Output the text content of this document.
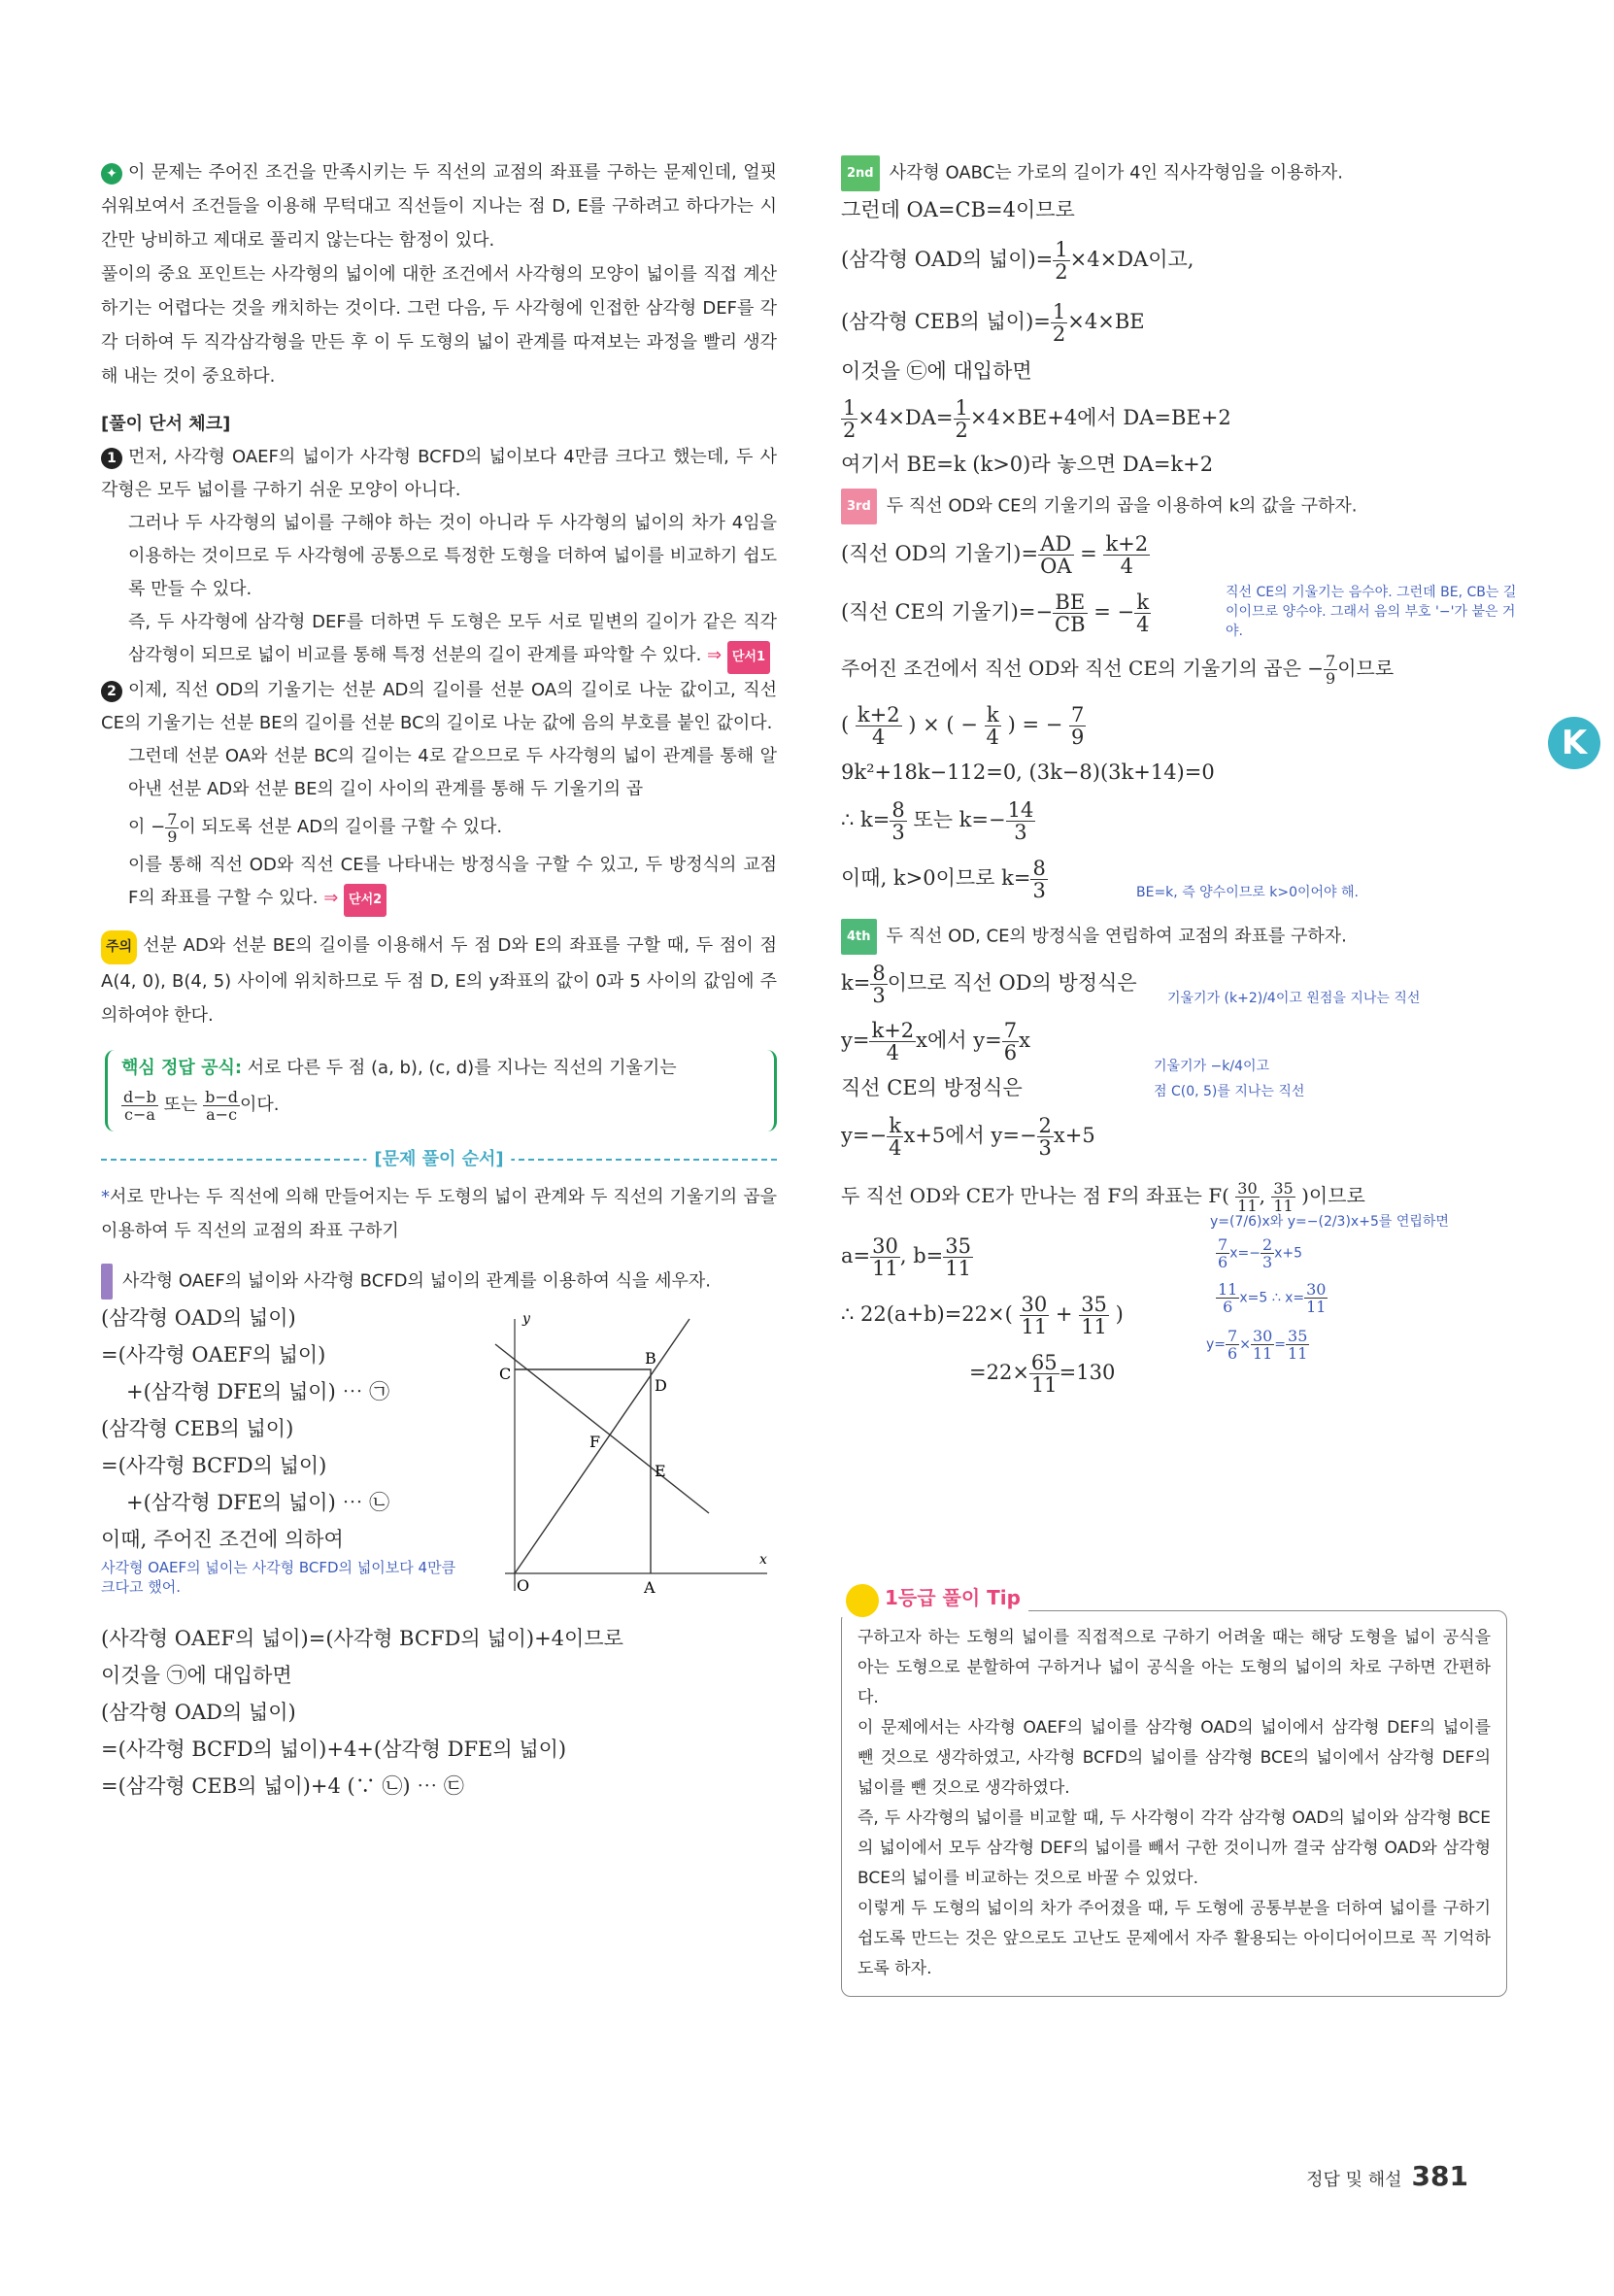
✦ 이 문제는 주어진 조건을 만족시키는 두 직선의 교점의 좌표를 구하는 문제인데, 얼핏 쉬워보여서 조건들을 이용해 무턱대고 직선들이 지나는 점 D, E를 구하려고 하다가는 시간만 낭비하고 제대로 풀리지 않는다는 함정이 있다.

풀이의 중요 포인트는 사각형의 넓이에 대한 조건에서 사각형의 모양이 넓이를 직접 계산하기는 어렵다는 것을 캐치하는 것이다. 그런 다음, 두 사각형에 인접한 삼각형 DEF를 각각 더하여 두 직각삼각형을 만든 후 이 두 도형의 넓이 관계를 따져보는 과정을 빨리 생각해 내는 것이 중요하다.

[풀이 단서 체크]

1 먼저, 사각형 OAEF의 넓이가 사각형 BCFD의 넓이보다 4만큼 크다고 했는데, 두 사각형은 모두 넓이를 구하기 쉬운 모양이 아니다.

그러나 두 사각형의 넓이를 구해야 하는 것이 아니라 두 사각형의 넓이의 차가 4임을 이용하는 것이므로 두 사각형에 공통으로 특정한 도형을 더하여 넓이를 비교하기 쉽도록 만들 수 있다.

즉, 두 사각형에 삼각형 DEF를 더하면 두 도형은 모두 서로 밑변의 길이가 같은 직각삼각형이 되므로 넓이 비교를 통해 특정 선분의 길이 관계를 파악할 수 있다. ⇒ 단서1

2 이제, 직선 OD의 기울기는 선분 AD의 길이를 선분 OA의 길이로 나눈 값이고, 직선 CE의 기울기는 선분 BE의 길이를 선분 BC의 길이로 나눈 값에 음의 부호를 붙인 값이다.

그런데 선분 OA와 선분 BC의 길이는 4로 같으므로 두 사각형의 넓이 관계를 통해 알아낸 선분 AD와 선분 BE의 길이 사이의 관계를 통해 두 기울기의 곱

이 − $\frac{7}{9}$ 이 되도록 선분 AD의 길이를 구할 수 있다.

이를 통해 직선 OD와 직선 CE를 나타내는 방정식을 구할 수 있고, 두 방정식의 교점 F의 좌표를 구할 수 있다. ⇒ 단서2

주의 선분 AD와 선분 BE의 길이를 이용해서 두 점 D와 E의 좌표를 구할 때, 두 점이 점 A(4, 0), B(4, 5) 사이에 위치하므로 두 점 D, E의 y좌표의 값이 0과 5 사이의 값임에 주의하여야 한다.

핵심 정답 공식: 서로 다른 두 점 (a, b), (c, d)를 지나는 직선의 기울기는

$\frac{d-b}{c-a}$ 또는 $\frac{b-d}{a-c}$ 이다.

[문제 풀이 순서]

*서로 만나는 두 직선에 의해 만들어지는 두 도형의 넓이 관계와 두 직선의 기울기의 곱을 이용하여 두 직선의 교점의 좌표 구하기

1st 사각형 OAEF의 넓이와 사각형 BCFD의 넓이의 관계를 이용하여 식을 세우자.

(삼각형 OAD의 넓이)
=(사각형 OAEF의 넓이)
+(삼각형 DFE의 넓이) ⋯ ㉠
(삼각형 CEB의 넓이)
=(사각형 BCFD의 넓이)
+(삼각형 DFE의 넓이) ⋯ ㉡
이때, 주어진 조건에 의하여
사각형 OAEF의 넓이는 사각형 BCFD의 넓이보다 4만큼 크다고 했어.
y
x
O	A
B
C
D
E
F
(사각형 OAEF의 넓이)=(사각형 BCFD의 넓이)+4이므로
이것을 ㉠에 대입하면
(삼각형 OAD의 넓이)
=(사각형 BCFD의 넓이)+4+(삼각형 DFE의 넓이)
=(삼각형 CEB의 넓이)+4 (∵ ㉡) ⋯ ㉢

2nd 사각형 OABC는 가로의 길이가 4인 직사각형임을 이용하자.

그런데 OA=CB=4이므로
(삼각형 OAD의 넓이)= $\frac{1}{2} \times 4\times DA$이고,
(삼각형 CEB의 넓이)= $\frac{1}{2} \times 4\times BE$
이것을 ㉢에 대입하면
$\frac{1}{2} \times 4\times DA= \frac{1}{2} \times 4\times BE+4$에서 DA=BE+2
여기서 BE=k (k>0)라 놓으면 DA=k+2

3rd 두 직선 OD와 CE의 기울기의 곱을 이용하여 k의 값을 구하자.

(직선 OD의 기울기)= $\frac{AD}{OA} = \frac{k+2}{4}$
(직선 CE의 기울기)=− $\frac{BE}{CB}$ = − $\frac{k}{4}$	직선 CE의 기울기는 음수야. 그런데 BE, CB는 길이이므로 양수야. 그래서 음의 부호 '−'가 붙은 거야.
주어진 조건에서 직선 OD와 직선 CE의 기울기의 곱은 − $\frac{7}{9}$ 이므로
( $\frac{k+2}{4}$ ) × ( − $\frac{k}{4}$ ) = − $\frac{7}{9}$
9k²+18k−112=0, (3k−8)(3k+14)=0
∴ $k= \frac{8}{3}$ 또는 $k=- \frac{14}{3}$
이때, k>0이므로 $k= \frac{8}{3}$	BE=k, 즉 양수이므로 k>0이어야 해.

4th 두 직선 OD, CE의 방정식을 연립하여 교점의 좌표를 구하자.

$k= \frac{8}{3}$ 이므로 직선 OD의 방정식은
기울기가 (k+2)/4이고 원점을 지나는 직선
$y= \frac{k+2}{4}$ x에서 $y= \frac{7}{6}$ x
직선 CE의 방정식은
기울기가 −k/4이고
점 C(0, 5)를 지나는 직선
$y=- \frac{k}{4} x+5$에서 $y=- \frac{2}{3} x+5$
두 직선 OD와 CE가 만나는 점 F의 좌표는 $F( \frac{30}{11}$ , $\frac{35}{11}$ )이므로
$a= \frac{30}{11}$ , $b= \frac{35}{11}$
y=(7/6)x와 y=−(2/3)x+5를 연립하면
$\frac{7}{6} x=- \frac{2}{3} x+5$
$\frac{11}{6} x=5$ ∴ $x= \frac{30}{11}$
$y= \frac{7}{6} \times \frac{30}{11} = \frac{35}{11}$
∴ $22(a+b)=22\times( \frac{30}{11} + \frac{35}{11}$ )
$=22\times \frac{65}{11} =130$
1등급 풀이 Tip

구하고자 하는 도형의 넓이를 직접적으로 구하기 어려울 때는 해당 도형을 넓이 공식을 아는 도형으로 분할하여 구하거나 넓이 공식을 아는 도형의 넓이의 차로 구하면 간편하다.

이 문제에서는 사각형 OAEF의 넓이를 삼각형 OAD의 넓이에서 삼각형 DEF의 넓이를 뺀 것으로 생각하였고, 사각형 BCFD의 넓이를 삼각형 BCE의 넓이에서 삼각형 DEF의 넓이를 뺀 것으로 생각하였다.

즉, 두 사각형의 넓이를 비교할 때, 두 사각형이 각각 삼각형 OAD의 넓이와 삼각형 BCE의 넓이에서 모두 삼각형 DEF의 넓이를 빼서 구한 것이니까 결국 삼각형 OAD와 삼각형 BCE의 넓이를 비교하는 것으로 바꿀 수 있었다.

이렇게 두 도형의 넓이의 차가 주어졌을 때, 두 도형에 공통부분을 더하여 넓이를 구하기 쉽도록 만드는 것은 앞으로도 고난도 문제에서 자주 활용되는 아이디어이므로 꼭 기억하도록 하자.

K
정답 및 해설 381
